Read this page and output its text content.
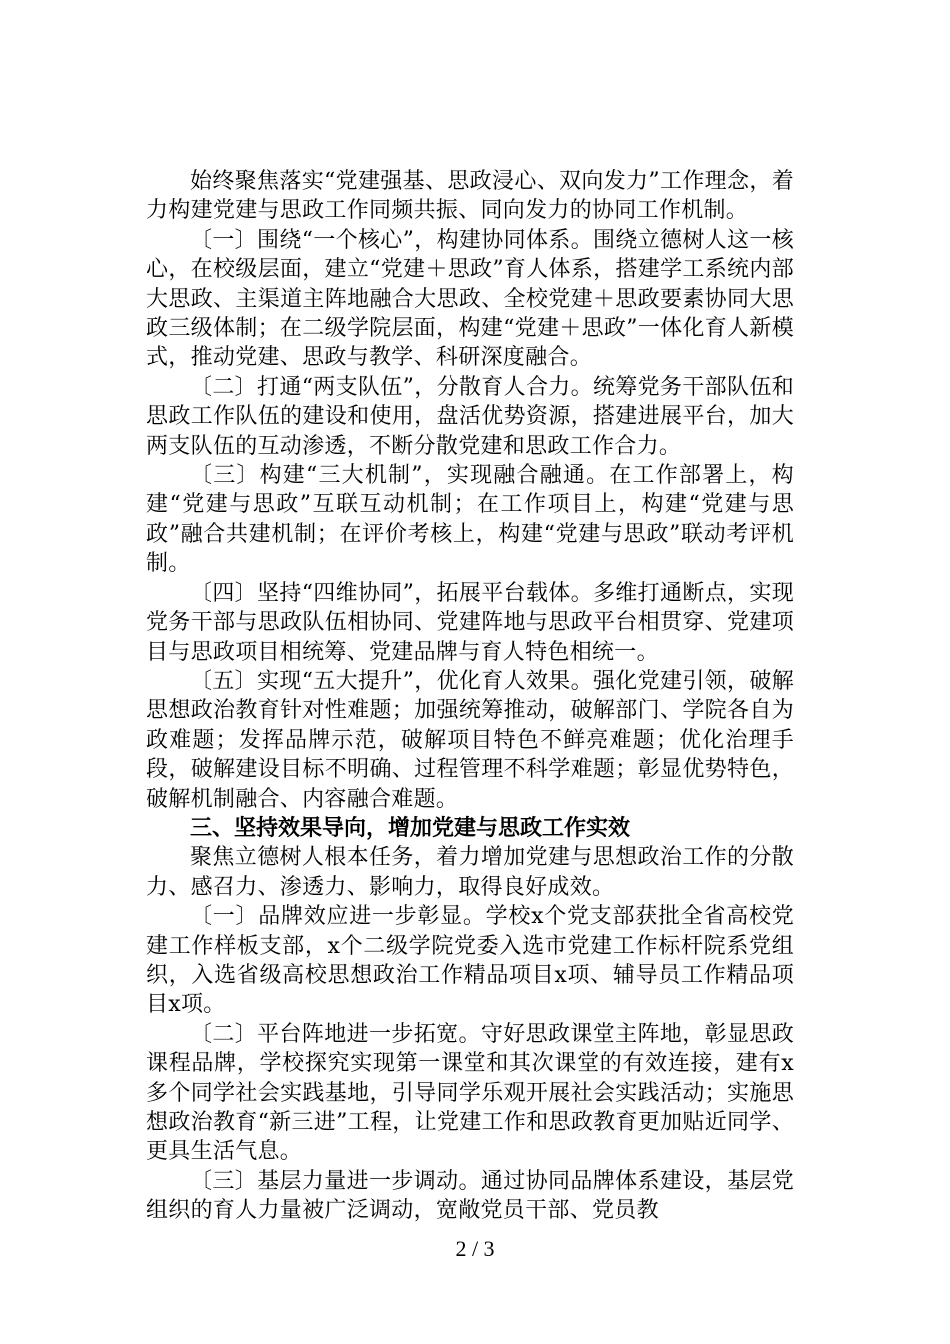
始终聚焦落实“党建强基、思政浸心、双向发力”工作理念，着力构建党建与思政工作同频共振、同向发力的协同工作机制。

〔一〕围绕“一个核心”，构建协同体系。围绕立德树人这一核心，在校级层面，建立“党建＋思政”育人体系，搭建学工系统内部大思政、主渠道主阵地融合大思政、全校党建＋思政要素协同大思政三级体制；在二级学院层面，构建“党建＋思政”一体化育人新模式，推动党建、思政与教学、科研深度融合。

〔二〕打通“两支队伍”，分散育人合力。统筹党务干部队伍和思政工作队伍的建设和使用，盘活优势资源，搭建进展平台，加大两支队伍的互动渗透，不断分散党建和思政工作合力。

〔三〕构建“三大机制”，实现融合融通。在工作部署上，构建“党建与思政”互联互动机制；在工作项目上，构建“党建与思政”融合共建机制；在评价考核上，构建“党建与思政”联动考评机制。

〔四〕坚持“四维协同”，拓展平台载体。多维打通断点，实现党务干部与思政队伍相协同、党建阵地与思政平台相贯穿、党建项目与思政项目相统筹、党建品牌与育人特色相统一。

〔五〕实现“五大提升”，优化育人效果。强化党建引领，破解思想政治教育针对性难题；加强统筹推动，破解部门、学院各自为政难题；发挥品牌示范，破解项目特色不鲜亮难题；优化治理手段，破解建设目标不明确、过程管理不科学难题；彰显优势特色，破解机制融合、内容融合难题。

三、坚持效果导向，增加党建与思政工作实效

聚焦立德树人根本任务，着力增加党建与思想政治工作的分散力、感召力、渗透力、影响力，取得良好成效。

〔一〕品牌效应进一步彰显。学校x个党支部获批全省高校党建工作样板支部，x个二级学院党委入选市党建工作标杆院系党组织，入选省级高校思想政治工作精品项目x项、辅导员工作精品项目x项。

〔二〕平台阵地进一步拓宽。守好思政课堂主阵地，彰显思政课程品牌，学校探究实现第一课堂和其次课堂的有效连接，建有x多个同学社会实践基地，引导同学乐观开展社会实践活动；实施思想政治教育“新三进”工程，让党建工作和思政教育更加贴近同学、更具生活气息。

〔三〕基层力量进一步调动。通过协同品牌体系建设，基层党组织的育人力量被广泛调动，宽敞党员干部、党员教

2 / 3
